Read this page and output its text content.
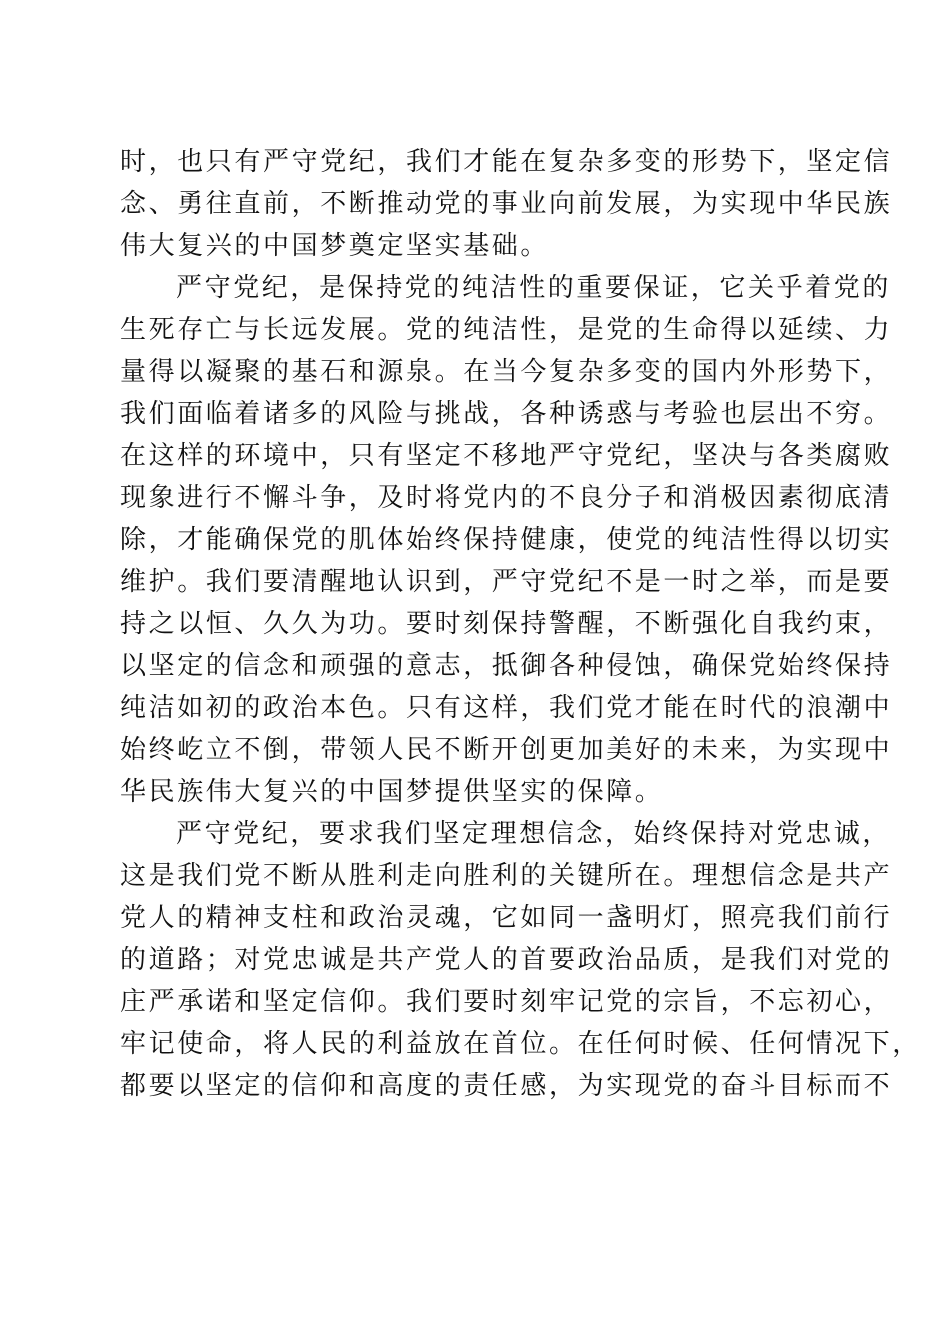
时，也只有严守党纪，我们才能在复杂多变的形势下，坚定信
念、勇往直前，不断推动党的事业向前发展，为实现中华民族
伟大复兴的中国梦奠定坚实基础。
严守党纪，是保持党的纯洁性的重要保证，它关乎着党的
生死存亡与长远发展。党的纯洁性，是党的生命得以延续、力
量得以凝聚的基石和源泉。在当今复杂多变的国内外形势下，
我们面临着诸多的风险与挑战，各种诱惑与考验也层出不穷。
在这样的环境中，只有坚定不移地严守党纪，坚决与各类腐败
现象进行不懈斗争，及时将党内的不良分子和消极因素彻底清
除，才能确保党的肌体始终保持健康，使党的纯洁性得以切实
维护。我们要清醒地认识到，严守党纪不是一时之举，而是要
持之以恒、久久为功。要时刻保持警醒，不断强化自我约束，
以坚定的信念和顽强的意志，抵御各种侵蚀，确保党始终保持
纯洁如初的政治本色。只有这样，我们党才能在时代的浪潮中
始终屹立不倒，带领人民不断开创更加美好的未来，为实现中
华民族伟大复兴的中国梦提供坚实的保障。
严守党纪，要求我们坚定理想信念，始终保持对党忠诚，
这是我们党不断从胜利走向胜利的关键所在。理想信念是共产
党人的精神支柱和政治灵魂，它如同一盏明灯，照亮我们前行
的道路；对党忠诚是共产党人的首要政治品质，是我们对党的
庄严承诺和坚定信仰。我们要时刻牢记党的宗旨，不忘初心，
牢记使命，将人民的利益放在首位。在任何时候、任何情况下，
都要以坚定的信仰和高度的责任感，为实现党的奋斗目标而不
